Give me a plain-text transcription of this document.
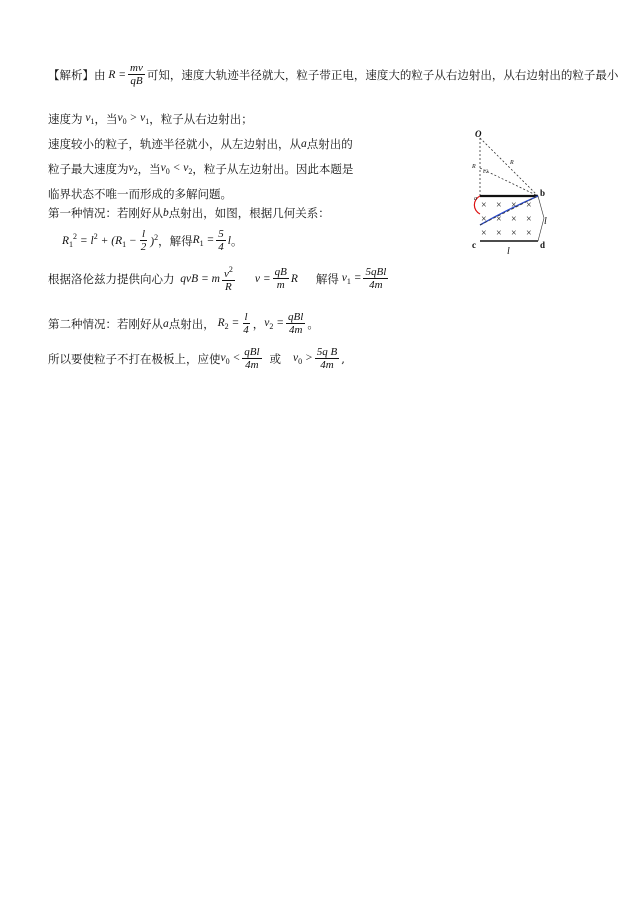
【解析】由 $R = \frac{mv}{qB}$ 可知，速度大轨迹半径就大，粒子带正电，速度大的粒子从右边射出，从右边射出的粒子最小
速度为 $v_1$ ，当 $v_0 > v_1$ ，粒子从右边射出；
速度较小的粒子，轨迹半径就小，从左边射出，从 a 点射出的
粒子最大速度为 $v_2$ ，当 $v_0 < v_2$ ，粒子从左边射出。因此本题是
临界状态不唯一而形成的多解问题。
第一种情况：若刚好从 b 点射出，如图，根据几何关系：
$R_1^2 = l^2 + (R_1 - \frac{l}{2} )^2$ ，解得 $R_1 = \frac{5}{4}$ l 。
根据洛伦兹力提供向心力 qvB = m $\frac{v^2}{R}$ $v = \frac{qB}{m}$ R 解得 $v_1 = \frac{\text{5qBl}}{4m}$
第二种情况：若刚好从 a 点射出， $R_2 = \frac{l}{4}$ ， $v_2 = \frac{\text{qBl}}{4m}$ 。
所以要使粒子不打在极板上，应使 $v_0 < \frac{\text{qBl}}{4m}$ 或 $v_0 > \frac{\text{5q B}}{4m}$ ,
× × × ×
× × × ×
× × × ×
O
R
R
l/2
a
b
c	d
l
l
